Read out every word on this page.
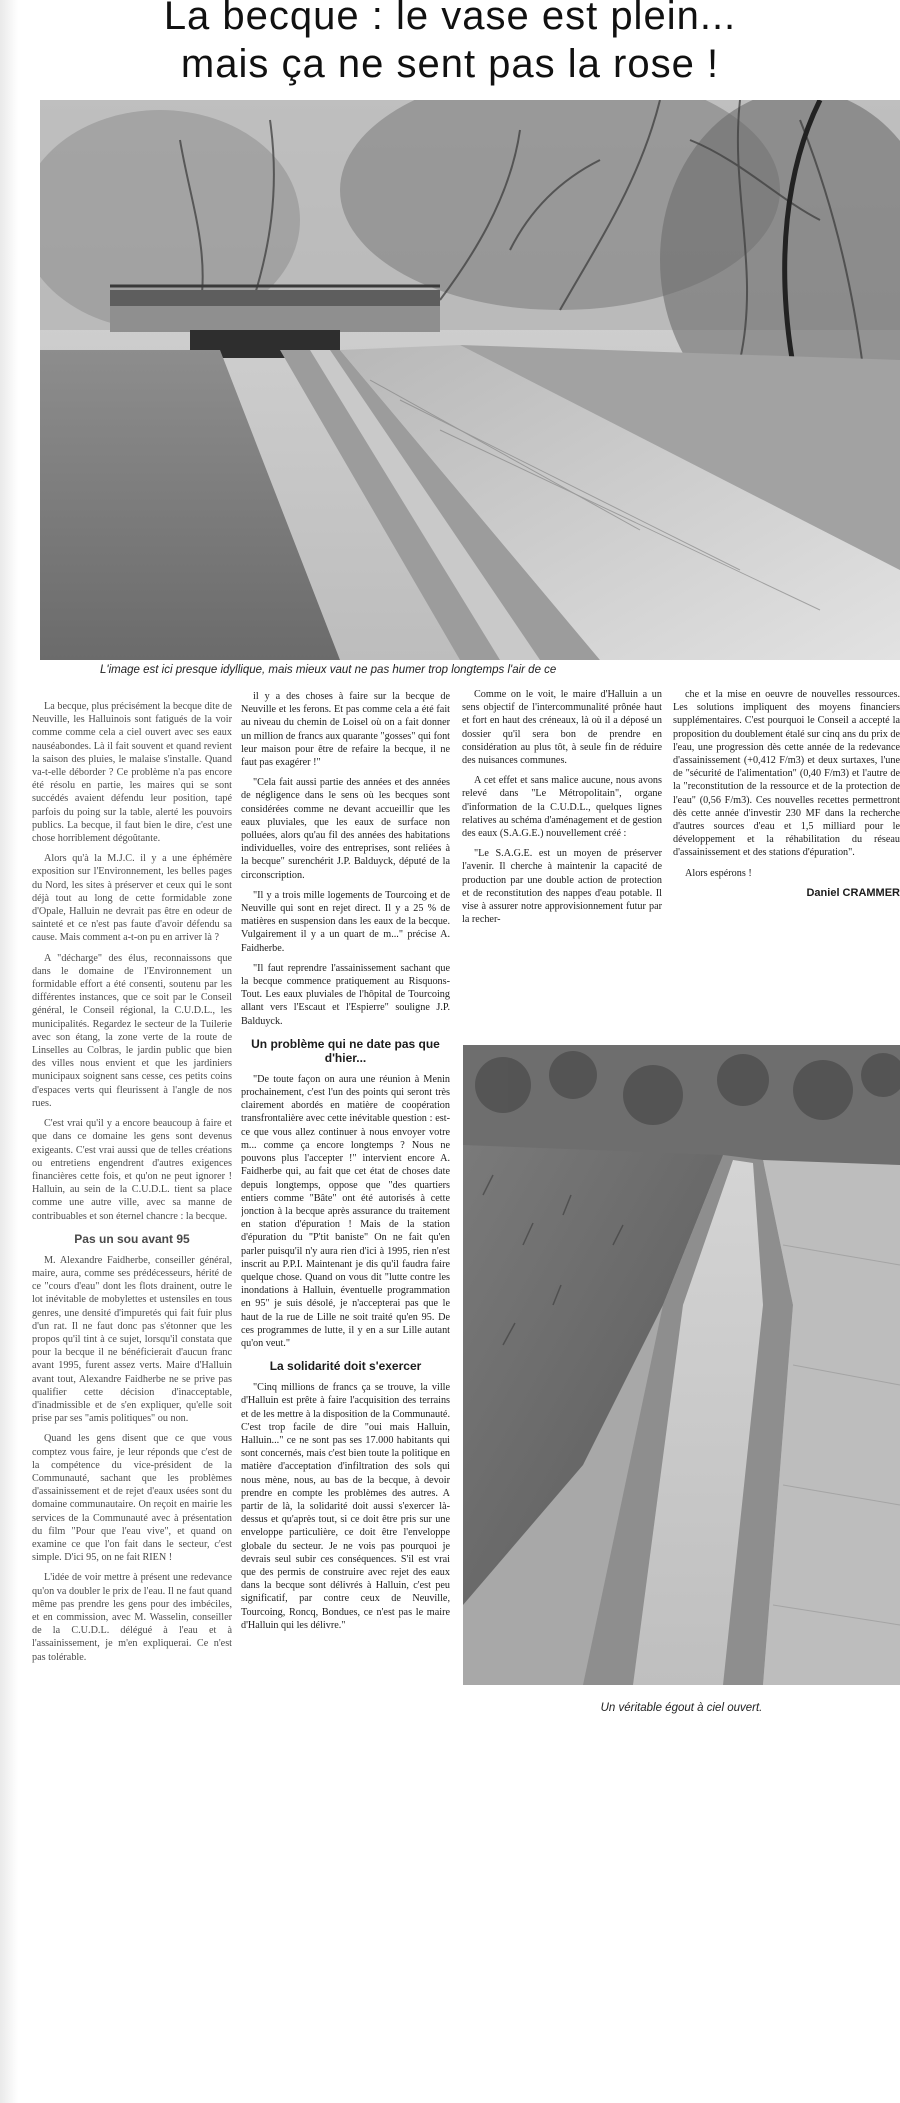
La becque : le vase est plein...
mais ça ne sent pas la rose !
L'image est ici presque idyllique, mais mieux vaut ne pas humer trop longtemps l'air de ce

La becque, plus précisément la becque dite de Neuville, les Halluinois sont fatigués de la voir comme comme cela a ciel ouvert avec ses eaux nauséabondes. Là il fait souvent et quand revient la saison des pluies, le malaise s'installe. Quand va-t-elle déborder ? Ce problème n'a pas encore été résolu en partie, les maires qui se sont succédés avaient défendu leur position, tapé parfois du poing sur la table, alerté les pouvoirs publics. La becque, il faut bien le dire, c'est une chose horriblement dégoûtante.

Alors qu'à la M.J.C. il y a une éphémère exposition sur l'Environnement, les belles pages du Nord, les sites à préserver et ceux qui le sont déjà tout au long de cette formidable zone d'Opale, Halluin ne devrait pas être en odeur de sainteté et ce n'est pas faute d'avoir défendu sa cause. Mais comment a-t-on pu en arriver là ?

A "décharge" des élus, reconnaissons que dans le domaine de l'Environnement un formidable effort a été consenti, soutenu par les différentes instances, que ce soit par le Conseil général, le Conseil régional, la C.U.D.L., les municipalités. Regardez le secteur de la Tuilerie avec son étang, la zone verte de la route de Linselles au Colbras, le jardin public que bien des villes nous envient et que les jardiniers municipaux soignent sans cesse, ces petits coins d'espaces verts qui fleurissent à l'angle de nos rues.

C'est vrai qu'il y a encore beaucoup à faire et que dans ce domaine les gens sont devenus exigeants. C'est vrai aussi que de telles créations ou entretiens engendrent d'autres exigences financières cette fois, et qu'on ne peut ignorer ! Halluin, au sein de la C.U.D.L. tient sa place comme une autre ville, avec sa manne de contribuables et son éternel chancre : la becque.

Pas un sou avant 95

M. Alexandre Faidherbe, conseiller général, maire, aura, comme ses prédécesseurs, hérité de ce "cours d'eau" dont les flots drainent, outre le lot inévitable de mobylettes et ustensiles en tous genres, une densité d'impuretés qui fait fuir plus d'un rat. Il ne faut donc pas s'étonner que les propos qu'il tint à ce sujet, lorsqu'il constata que pour la becque il ne bénéficierait d'aucun franc avant 1995, furent assez verts. Maire d'Halluin avant tout, Alexandre Faidherbe ne se prive pas qualifier cette décision d'inacceptable, d'inadmissible et de s'en expliquer, qu'elle soit prise par ses "amis politiques" ou non.

Quand les gens disent que ce que vous comptez vous faire, je leur réponds que c'est de la compétence du vice-président de la Communauté, sachant que les problèmes d'assainissement et de rejet d'eaux usées sont du domaine communautaire. On reçoit en mairie les services de la Communauté avec à présentation du film "Pour que l'eau vive", et quand on examine ce que l'on fait dans le secteur, c'est simple. D'ici 95, on ne fait RIEN !

L'idée de voir mettre à présent une redevance qu'on va doubler le prix de l'eau. Il ne faut quand même pas prendre les gens pour des imbéciles, et en commission, avec M. Wasselin, conseiller de la C.U.D.L. délégué à l'eau et à l'assainissement, je m'en expliquerai. Ce n'est pas tolérable.

il y a des choses à faire sur la becque de Neuville et les ferons. Et pas comme cela a été fait au niveau du chemin de Loisel où on a fait donner un million de francs aux quarante "gosses" qui font leur maison pour être de refaire la becque, il ne faut pas exagérer !"

"Cela fait aussi partie des années et des années de négligence dans le sens où les becques sont considérées comme ne devant accueillir que les eaux pluviales, que les eaux de surface non polluées, alors qu'au fil des années des habitations individuelles, voire des entreprises, sont reliées à la becque" surenchérit J.P. Balduyck, député de la circonscription.

"Il y a trois mille logements de Tourcoing et de Neuville qui sont en rejet direct. Il y a 25 % de matières en suspension dans les eaux de la becque. Vulgairement il y a un quart de m..." précise A. Faidherbe.

"Il faut reprendre l'assainissement sachant que la becque commence pratiquement au Risquons-Tout. Les eaux pluviales de l'hôpital de Tourcoing allant vers l'Escaut et l'Espierre" souligne J.P. Balduyck.

Un problème qui ne date pas que d'hier...

"De toute façon on aura une réunion à Menin prochainement, c'est l'un des points qui seront très clairement abordés en matière de coopération transfrontalière avec cette inévitable question : est-ce que vous allez continuer à nous envoyer votre m... comme ça encore longtemps ? Nous ne pouvons plus l'accepter !" intervient encore A. Faidherbe qui, au fait que cet état de choses date depuis longtemps, oppose que "des quartiers entiers comme "Bâte" ont été autorisés à cette jonction à la becque après assurance du traitement en station d'épuration ! Mais de la station d'épuration du "P'tit baniste" On ne fait qu'en parler puisqu'il n'y aura rien d'ici à 1995, rien n'est inscrit au P.P.I. Maintenant je dis qu'il faudra faire quelque chose. Quand on vous dit "lutte contre les inondations à Halluin, éventuelle programmation en 95" je suis désolé, je n'accepterai pas que le haut de la rue de Lille ne soit traité qu'en 95. De ces programmes de lutte, il y en a sur Lille autant qu'on veut."

La solidarité doit s'exercer

"Cinq millions de francs ça se trouve, la ville d'Halluin est prête à faire l'acquisition des terrains et de les mettre à la disposition de la Communauté. C'est trop facile de dire "oui mais Halluin, Halluin..." ce ne sont pas ses 17.000 habitants qui sont concernés, mais c'est bien toute la politique en matière d'acceptation d'infiltration des sols qui nous mène, nous, au bas de la becque, à devoir prendre en compte les problèmes des autres. A partir de là, la solidarité doit aussi s'exercer là-dessus et qu'après tout, si ce doit être pris sur une enveloppe particulière, ce doit être l'enveloppe globale du secteur. Je ne vois pas pourquoi je devrais seul subir ces conséquences. S'il est vrai que des permis de construire avec rejet des eaux dans la becque sont délivrés à Halluin, c'est peu significatif, par contre ceux de Neuville, Tourcoing, Roncq, Bondues, ce n'est pas le maire d'Halluin qui les délivre."

Comme on le voit, le maire d'Halluin a un sens objectif de l'intercommunalité prônée haut et fort en haut des créneaux, là où il a déposé un dossier qu'il sera bon de prendre en considération au plus tôt, à seule fin de réduire des nuisances communes.

A cet effet et sans malice aucune, nous avons relevé dans "Le Métropolitain", organe d'information de la C.U.D.L., quelques lignes relatives au schéma d'aménagement et de gestion des eaux (S.A.G.E.) nouvellement créé :

"Le S.A.G.E. est un moyen de préserver l'avenir. Il cherche à maintenir la capacité de production par une double action de protection et de reconstitution des nappes d'eau potable. Il vise à assurer notre approvisionnement futur par la recher-

che et la mise en oeuvre de nouvelles ressources. Les solutions impliquent des moyens financiers supplémentaires. C'est pourquoi le Conseil a accepté la proposition du doublement étalé sur cinq ans du prix de l'eau, une progression dès cette année de la redevance d'assainissement (+0,412 F/m3) et deux surtaxes, l'une de "sécurité de l'alimentation" (0,40 F/m3) et l'autre de la "reconstitution de la ressource et de la protection de l'eau" (0,56 F/m3). Ces nouvelles recettes permettront dès cette année d'investir 230 MF dans la recherche d'autres sources d'eau et 1,5 milliard pour le développement et la réhabilitation du réseau d'assainissement et des stations d'épuration".

Alors espérons !

Daniel CRAMMER
Un véritable égout à ciel ouvert.
